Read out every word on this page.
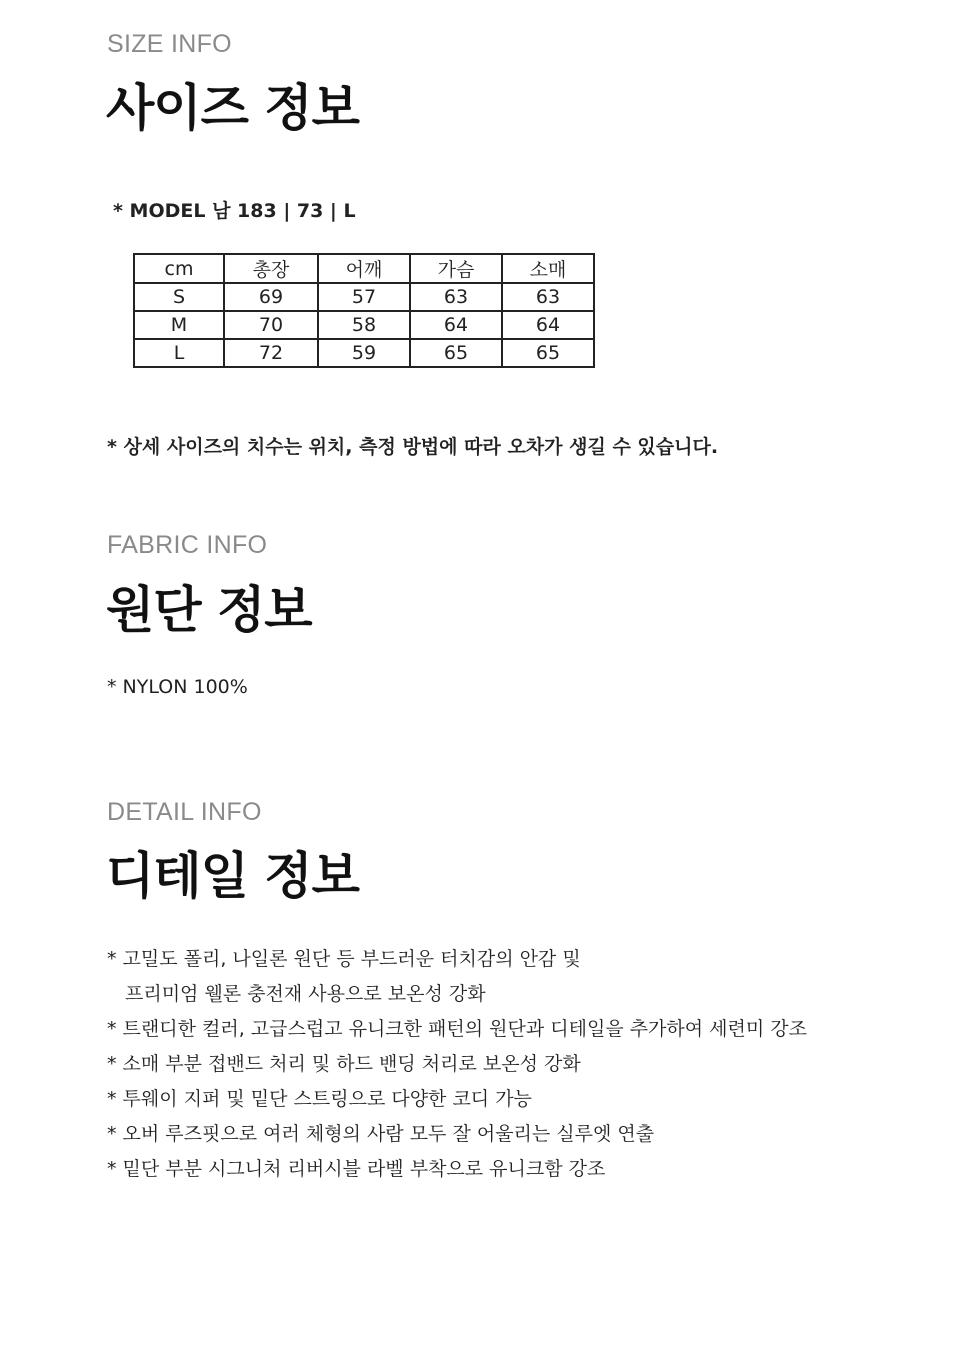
SIZE INFO
사이즈 정보
* MODEL 남 183 | 73 | L
cm	총장	어깨	가슴	소매
S	69	57	63	63
M	70	58	64	64
L	72	59	65	65
* 상세 사이즈의 치수는 위치, 측정 방법에 따라 오차가 생길 수 있습니다.
FABRIC INFO
원단 정보
* NYLON 100%
DETAIL INFO
디테일 정보
* 고밀도 폴리, 나일론 원단 등 부드러운 터치감의 안감 및
프리미엄 웰론 충전재 사용으로 보온성 강화
* 트랜디한 컬러, 고급스럽고 유니크한 패턴의 원단과 디테일을 추가하여 세련미 강조
* 소매 부분 접밴드 처리 및 하드 밴딩 처리로 보온성 강화
* 투웨이 지퍼 및 밑단 스트링으로 다양한 코디 가능
* 오버 루즈핏으로 여러 체형의 사람 모두 잘 어울리는 실루엣 연출
* 밑단 부분 시그니처 리버시블 라벨 부착으로 유니크함 강조
